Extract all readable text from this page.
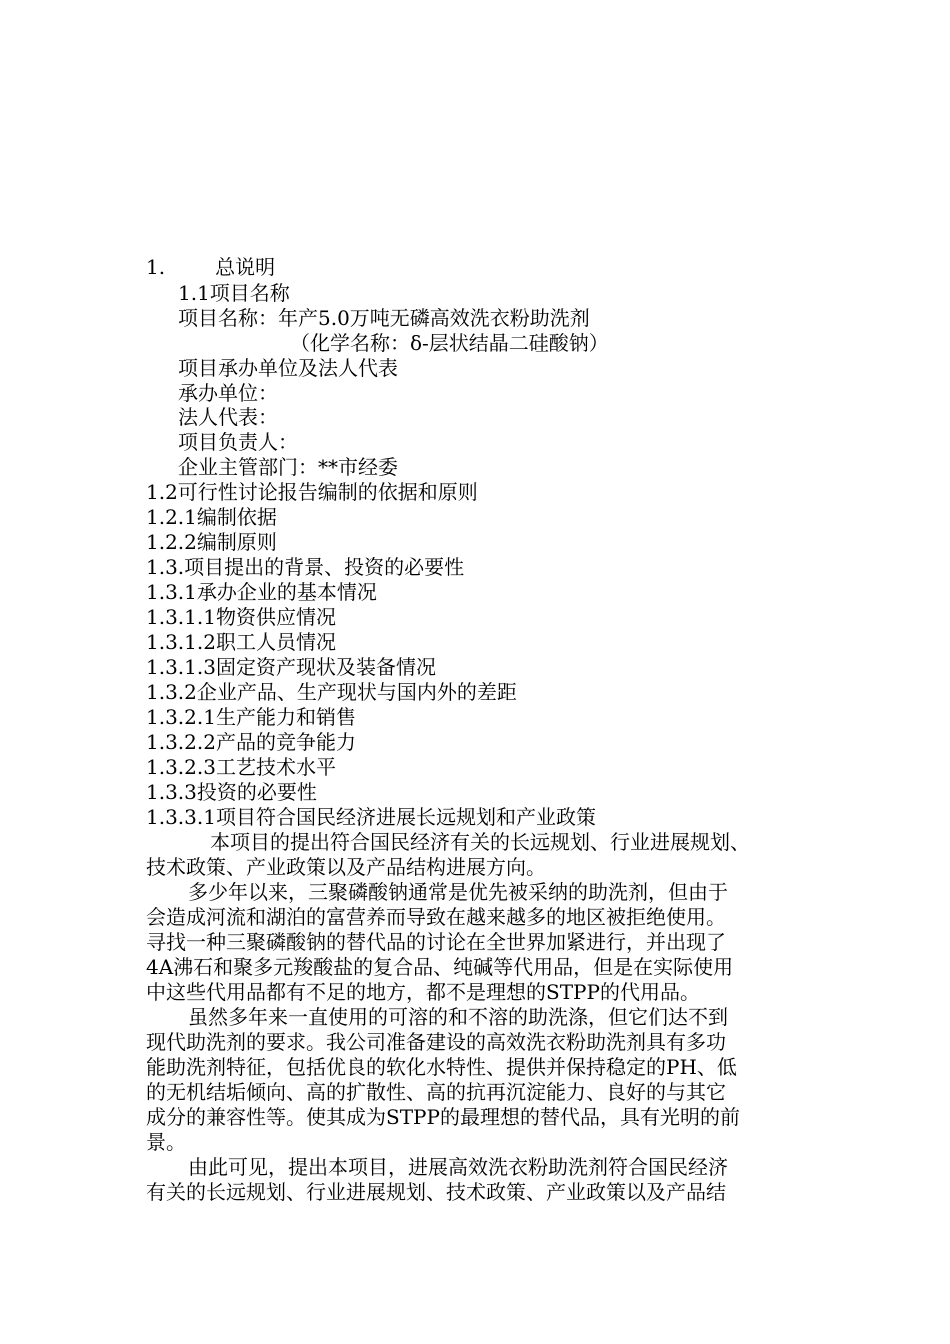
1.	总说明
1.1项目名称
项目名称：年产5.0万吨无磷高效洗衣粉助洗剂
（化学名称：δ-层状结晶二硅酸钠）
项目承办单位及法人代表
承办单位：
法人代表：
项目负责人：
企业主管部门：**市经委
1.2可行性讨论报告编制的依据和原则
1.2.1编制依据
1.2.2编制原则
1.3.项目提出的背景、投资的必要性
1.3.1承办企业的基本情况
1.3.1.1物资供应情况
1.3.1.2职工人员情况
1.3.1.3固定资产现状及装备情况
1.3.2企业产品、生产现状与国内外的差距
1.3.2.1生产能力和销售
1.3.2.2产品的竞争能力
1.3.2.3工艺技术水平
1.3.3投资的必要性
1.3.3.1项目符合国民经济进展长远规划和产业政策
本项目的提出符合国民经济有关的长远规划、行业进展规划、
技术政策、产业政策以及产品结构进展方向。
多少年以来，三聚磷酸钠通常是优先被采纳的助洗剂，但由于
会造成河流和湖泊的富营养而导致在越来越多的地区被拒绝使用。
寻找一种三聚磷酸钠的替代品的讨论在全世界加紧进行，并出现了
4A沸石和聚多元羧酸盐的复合品、纯碱等代用品，但是在实际使用
中这些代用品都有不足的地方，都不是理想的STPP的代用品。
虽然多年来一直使用的可溶的和不溶的助洗涤，但它们达不到
现代助洗剂的要求。我公司准备建设的高效洗衣粉助洗剂具有多功
能助洗剂特征，包括优良的软化水特性、提供并保持稳定的PH、低
的无机结垢倾向、高的扩散性、高的抗再沉淀能力、良好的与其它
成分的兼容性等。使其成为STPP的最理想的替代品，具有光明的前
景。
由此可见，提出本项目，进展高效洗衣粉助洗剂符合国民经济
有关的长远规划、行业进展规划、技术政策、产业政策以及产品结
